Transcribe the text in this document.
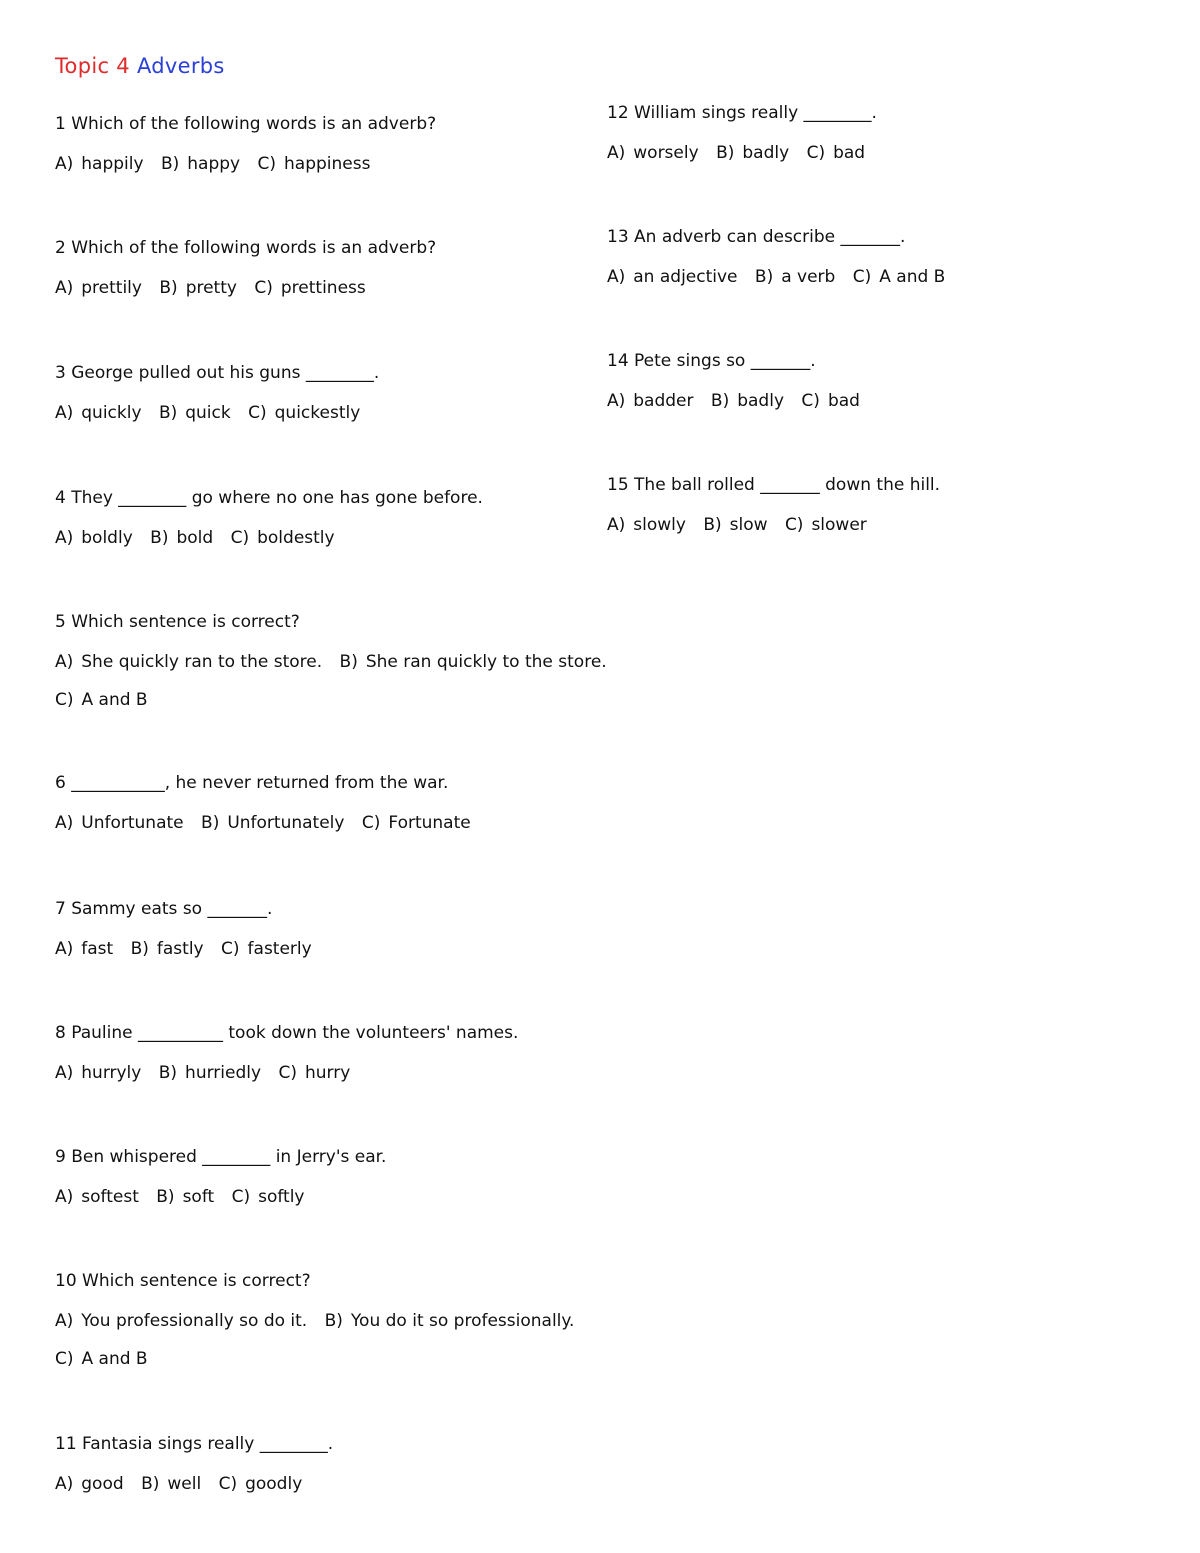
Topic 4 Adverbs
1 Which of the following words is an adverb?
A) happily B) happy C) happiness
2 Which of the following words is an adverb?
A) prettily B) pretty C) prettiness
3 George pulled out his guns ________.
A) quickly B) quick C) quickestly
4 They ________ go where no one has gone before.
A) boldly B) bold C) boldestly
5 Which sentence is correct?
A) She quickly ran to the store. B) She ran quickly to the store.
C) A and B
6 ___________, he never returned from the war.
A) Unfortunate B) Unfortunately C) Fortunate
7 Sammy eats so _______.
A) fast B) fastly C) fasterly
8 Pauline __________ took down the volunteers' names.
A) hurryly B) hurriedly C) hurry
9 Ben whispered ________ in Jerry's ear.
A) softest B) soft C) softly
10 Which sentence is correct?
A) You professionally so do it. B) You do it so professionally.
C) A and B
11 Fantasia sings really ________.
A) good B) well C) goodly
12 William sings really ________.
A) worsely B) badly C) bad
13 An adverb can describe _______.
A) an adjective B) a verb C) A and B
14 Pete sings so _______.
A) badder B) badly C) bad
15 The ball rolled _______ down the hill.
A) slowly B) slow C) slower
